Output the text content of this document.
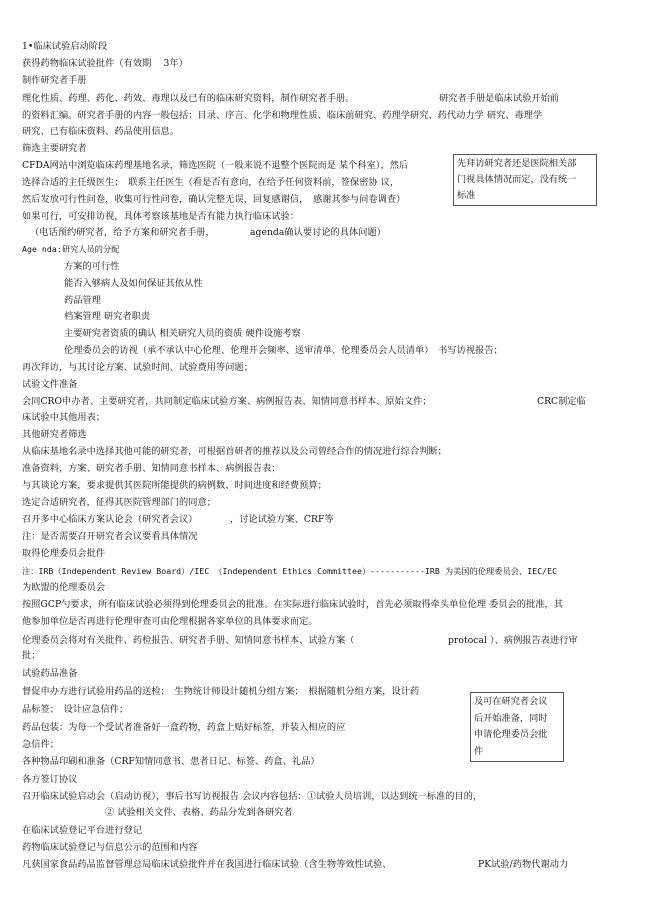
1•临床试验启动阶段
获得药物临床试验批件（有效期　 3年）
制作研究者手册
理化性质、药理、药化、药效、毒理以及已有的临床研究资料，制作研究者手册。	研究者手册是临床试验开始前
的资料汇编。研究者手册的内容一般包括：目录、序言、化学和物理性质、临床前研究、药理学研究、药代动力学 研究、毒理学
研究、已有临床资料、药品使用信息。
筛选主要研究者
CFDA网站中浏览临床药理基地名录，筛选医院（一般来说不退整个医院而是 某个科室），然后
选择合适的主任级医生；　联系主任医生（看是否有意向，在给予任何资料前，签保密协 议，
然后发放可行性问卷，收集可行性问卷，确认完整无误，回复感谢信，　感谢其参与问卷调查）
如果可行，可安排访视，具体考察该基地是否有能力执行临床试验：
（电话预约研究者，给予方案和研究者手册，	agenda确认要讨论的具体问题）
Age nda:研究人员的分配
方案的可行性
能否入够病人及如何保证其依从性
药品管理
档案管理 研究者职责
主要研究者资质的确认 相关研究人员的资质 硬件设施考察
伦理委员会的访视（承不承认中心伦理、伦理开会频率、送审清单、伦理委员会人员清单）　书写访视报告；
再次拜访，与其讨论方案、试验时间、试验费用等问题；
试验文件准备
会同CRO申办者、主要研究者，共同制定临床试验方案、病例报告表、知情同意书样本、原始文件；	CRC制定临
床试验中其他用表；
其他研究者筛选
从临床基地名录中选择其他可能的研究者，可根据首研者的推荐以及公司曾经合作的情况进行综合判断；
准备资料，方案、研究者手册、知情同意书样本、病例报告表；
与其谈论方案，要求提供其医院所能提供的病例数、时间进度和经费预算；
选定合适研究者，征得其医院管理部门的同意；
召开多中心临床方案认论会（研究者会议）	，讨论试验方案、CRF等
注：是否需要召开研究者会议要看具体情况
取得伦理委员会批件
注：IRB（Independent Review Board）/IEC （Independent Ethics Committee）-----------IRB 为美国的伦理委员会，IEC/EC
为欧盟的伦理委员会
按照GCP勺要求，所有临床试验必须得到伦理委员会的批准。在实际进行临床试验时，首先必须取得牵头单位伦理 委员会的批准，其
他参加单位是否再进行伦理审查可由伦理根据各家单位的具体要求而定。
伦理委员会将对有关批件、药检报告、研究者手册、知情同意书样本、试验方案（	protocal ）、病例报告表进行审
批；
试验药品准备
督促申办方进行试验用药品的送检；　生物统计师设计随机分组方案；　根据随机分组方案，设计药
品标签；　设计应急信件；
药品包装：为每一个受试者准备好一盒药物，药盒上贴好标签，并装入相应的应
急信件；
各种物品印刷和准备（CRF知情同意书、患者日记、标签、药盒、礼品）
各方签订协议
召开临床试验启动会（启动访视），事后书写访视报告 会议内容包括：①试验人员培训，以达到统一标准的目的，
② 试验相关文件、表格、药品分发到各研究者
在临床试验登记平台进行登记
药物临床试验登记与信息公示的范围和内容
凡获国家食品药品监督管理总局临床试验批件并在我国进行临床试验（含生物等效性试验、	PK试验/药物代谢动力
先拜访研究者还是医院相关部
门视具体情况而定，没有统一
标准
及可在研究者会议
后开始准备，同时
申请伦理委员会批
件
